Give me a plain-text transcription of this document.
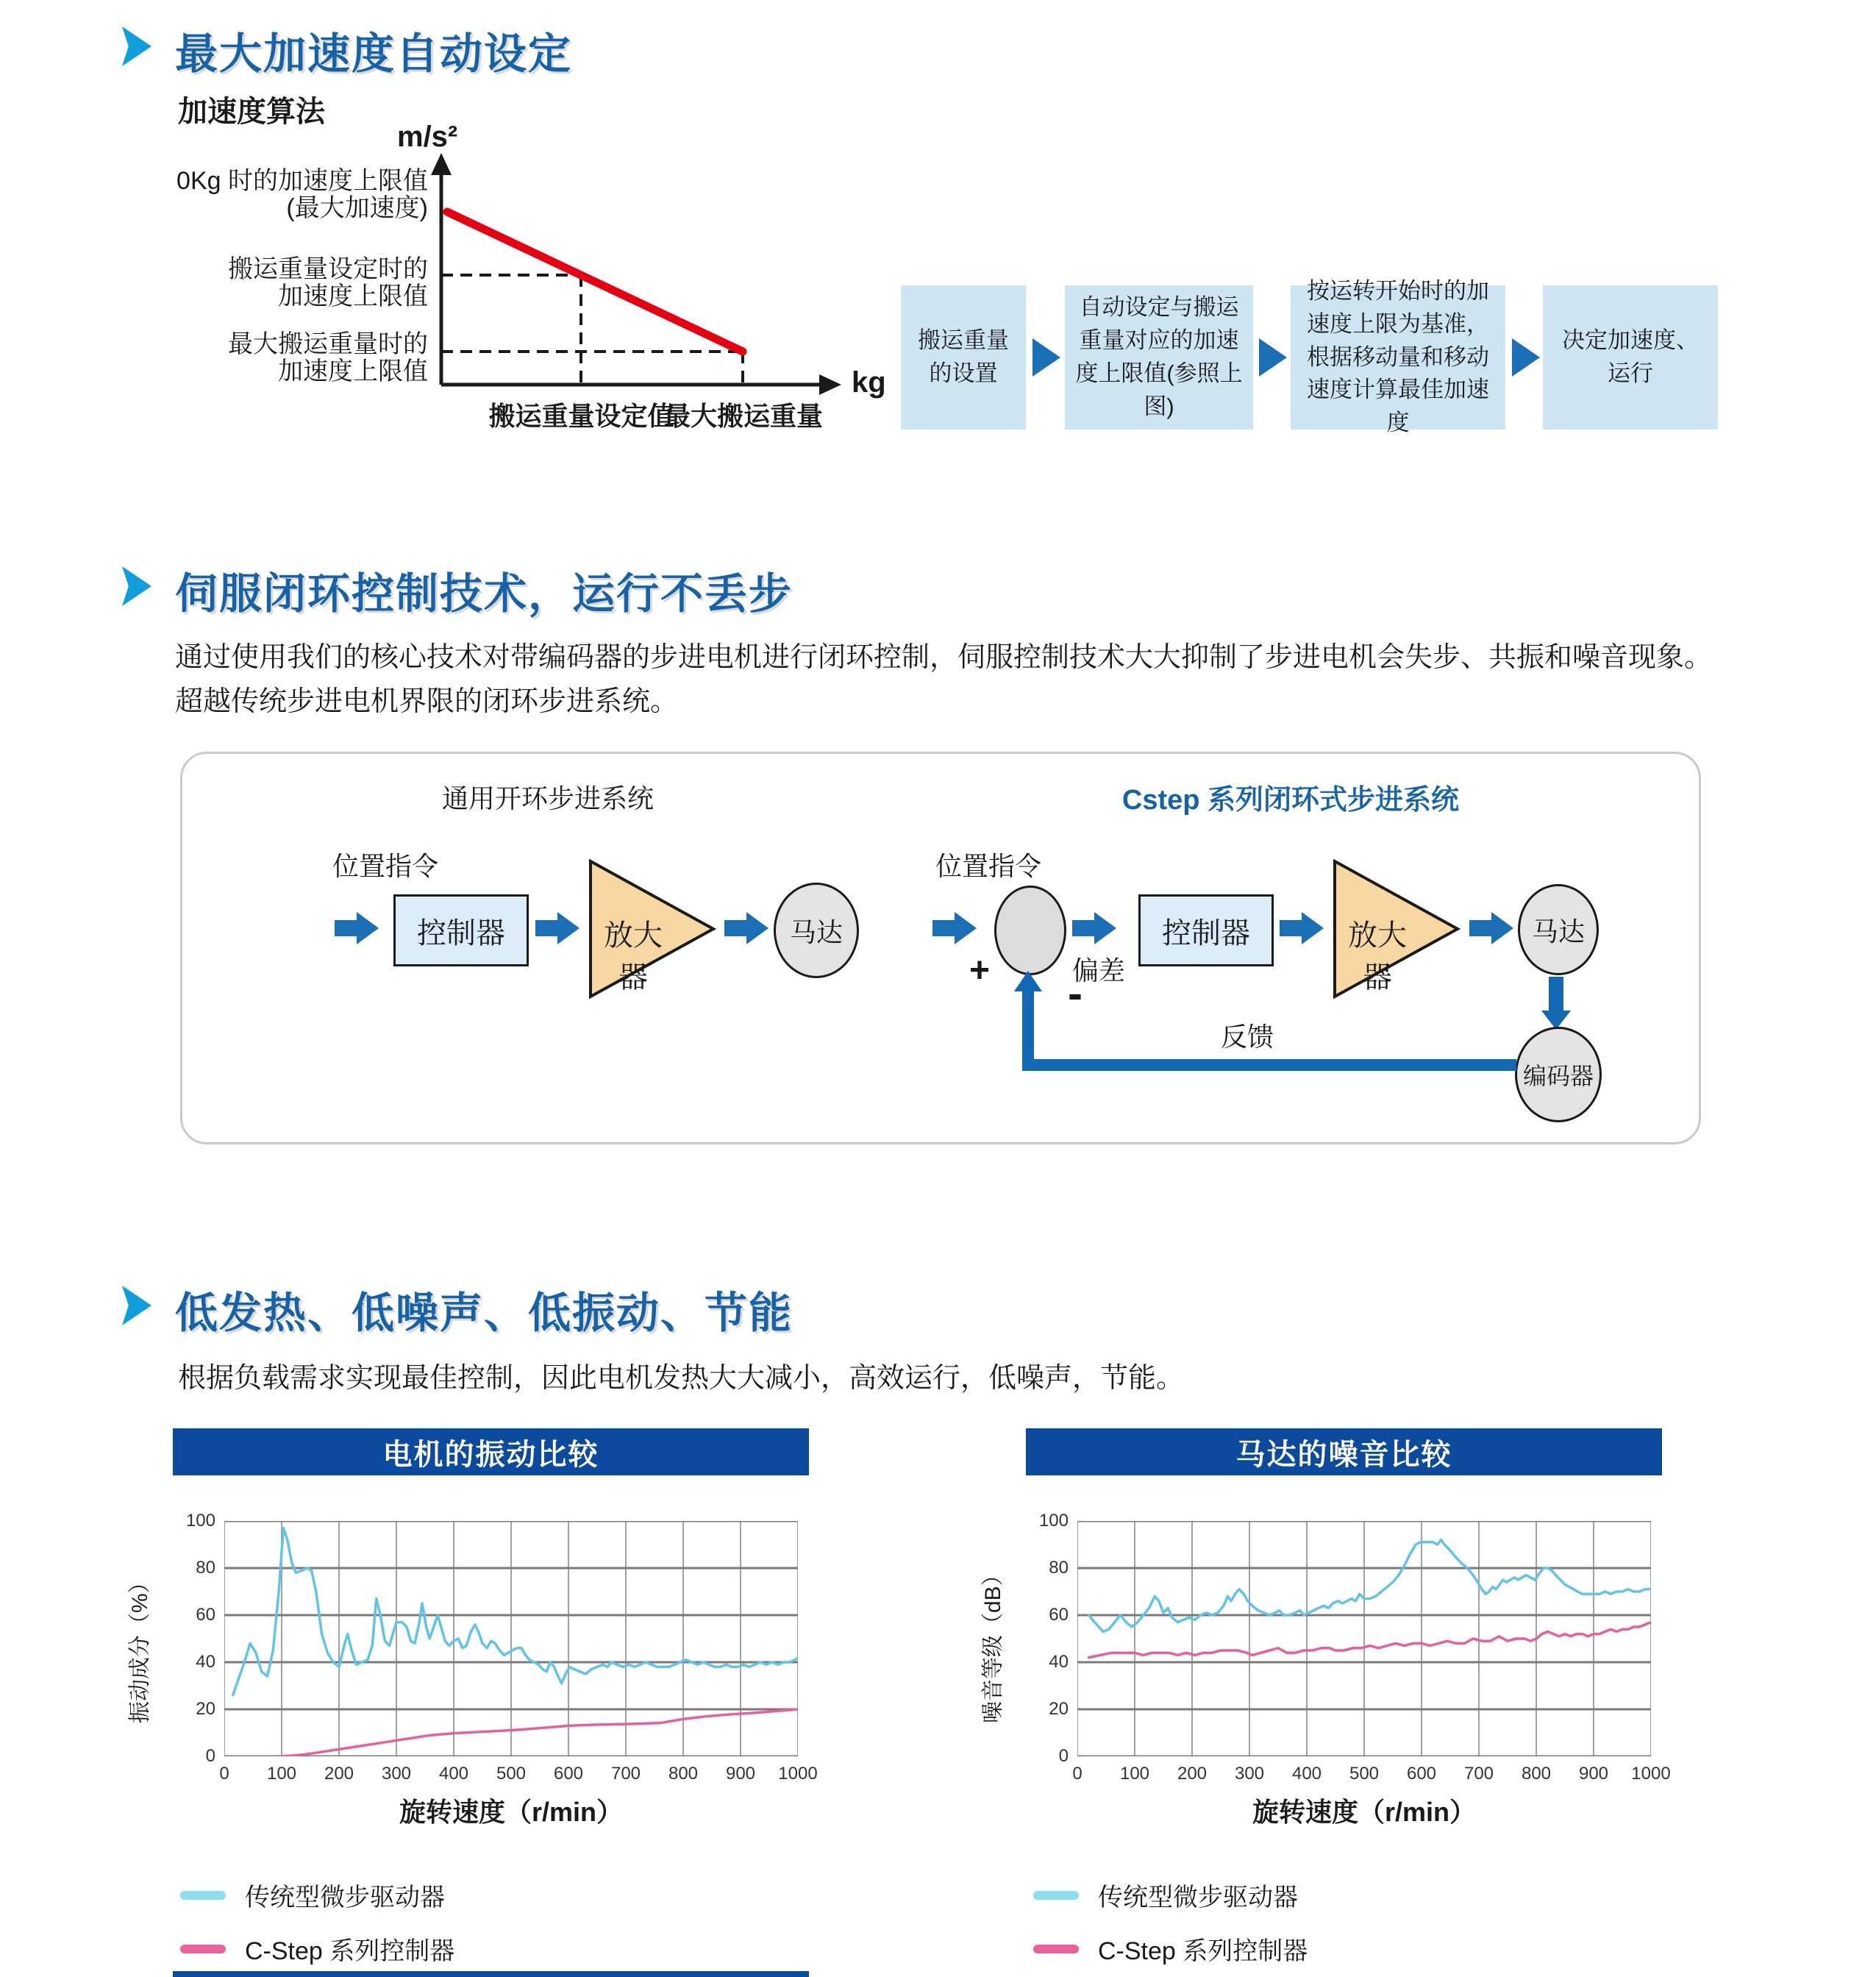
最大加速度自动设定
加速度算法
m/s²
kg
0Kg 时的加速度上限值
(最大加速度)
搬运重量设定时的
加速度上限值
最大搬运重量时的
加速度上限值
搬运重量设定值
最大搬运重量
搬运重量的设置
自动设定与搬运重量对应的加速度上限值(参照上图)
按运转开始时的加速度上限为基准，根据移动量和移动速度计算最佳加速度
决定加速度、运行
伺服闭环控制技术，运行不丢步
通过使用我们的核心技术对带编码器的步进电机进行闭环控制，伺服控制技术大大抑制了步进电机会失步、共振和噪音现象。
超越传统步进电机界限的闭环步进系统。
通用开环步进系统
位置指令
控制器	放大器
马达
Cstep 系列闭环式步进系统
位置指令
+ -
偏差
控制器	放大器
马达
编码器
反馈
低发热、低噪声、低振动、节能
根据负载需求实现最佳控制，因此电机发热大大减小，高效运行，低噪声，节能。
电机的振动比较
振动成分（%）
0
20
40
60
80
100
0 100 200 300 400 500 600 700 800 900 1000
旋转速度（r/min）
传统型微步驱动器
C-Step 系列控制器
马达的噪音比较
噪音等级（dB）
0
20
40
60
80
100
0 100 200 300 400 500 600 700 800 900 1000
旋转速度（r/min）
传统型微步驱动器
C-Step 系列控制器
